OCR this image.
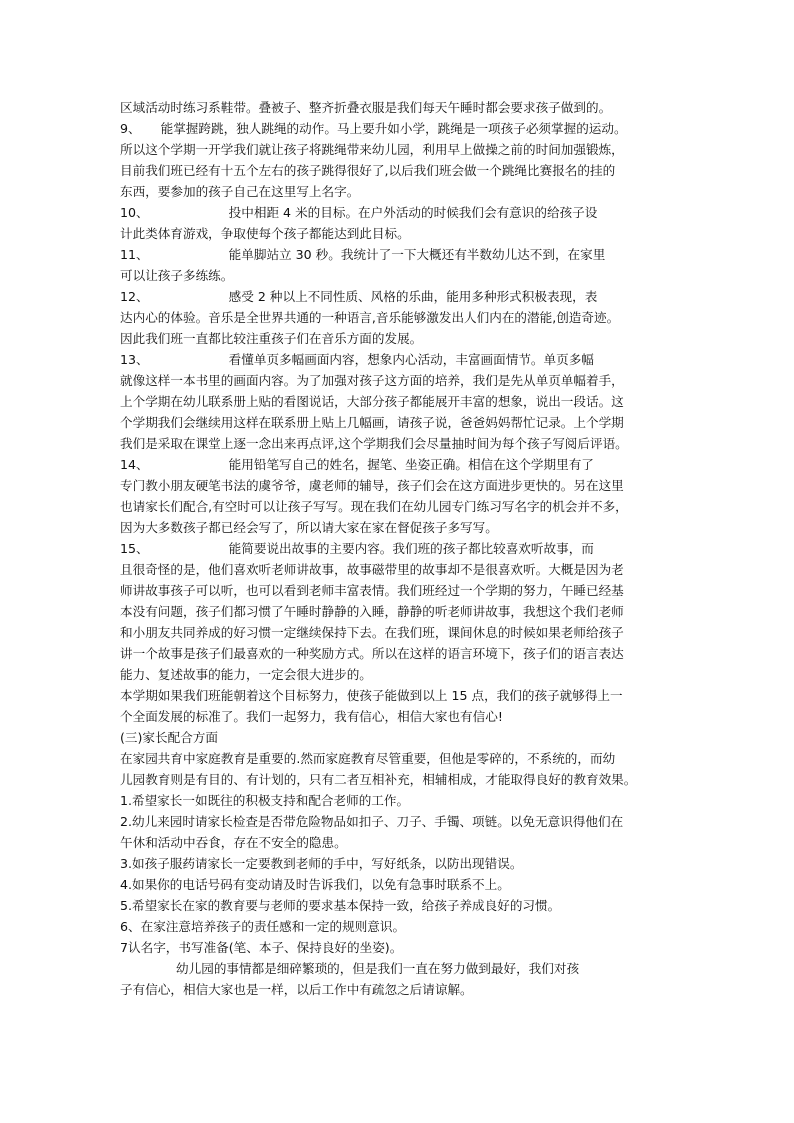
区域活动时练习系鞋带。叠被子、整齐折叠衣服是我们每天午睡时都会要求孩子做到的。
9、     能掌握跨跳，独人跳绳的动作。马上要升如小学，跳绳是一项孩子必须掌握的运动。
所以这个学期一开学我们就让孩子将跳绳带来幼儿园，利用早上做操之前的时间加强锻炼，
目前我们班已经有十五个左右的孩子跳得很好了,以后我们班会做一个跳绳比赛报名的挂的
东西，要参加的孩子自己在这里写上名字。
10、                    投中相距 4 米的目标。在户外活动的时候我们会有意识的给孩子设
计此类体育游戏，争取使每个孩子都能达到此目标。
11、                    能单脚站立 30 秒。我统计了一下大概还有半数幼儿达不到，在家里
可以让孩子多练练。
12、                    感受 2 种以上不同性质、风格的乐曲，能用多种形式积极表现，表
达内心的体验。音乐是全世界共通的一种语言,音乐能够激发出人们内在的潜能,创造奇迹。
因此我们班一直都比较注重孩子们在音乐方面的发展。
13、                    看懂单页多幅画面内容，想象内心活动，丰富画面情节。单页多幅
就像这样一本书里的画面内容。为了加强对孩子这方面的培养，我们是先从单页单幅着手，
上个学期在幼儿联系册上贴的看图说话，大部分孩子都能展开丰富的想象，说出一段话。这
个学期我们会继续用这样在联系册上贴上几幅画，请孩子说，爸爸妈妈帮忙记录。上个学期
我们是采取在课堂上逐一念出来再点评,这个学期我们会尽量抽时间为每个孩子写阅后评语。
14、                    能用铅笔写自己的姓名，握笔、坐姿正确。相信在这个学期里有了
专门教小朋友硬笔书法的虞爷爷，虞老师的辅导，孩子们会在这方面进步更快的。另在这里
也请家长们配合,有空时可以让孩子写写。现在我们在幼儿园专门练习写名字的机会并不多，
因为大多数孩子都已经会写了，所以请大家在家在督促孩子多写写。
15、                    能简要说出故事的主要内容。我们班的孩子都比较喜欢听故事，而
且很奇怪的是，他们喜欢听老师讲故事，故事磁带里的故事却不是很喜欢听。大概是因为老
师讲故事孩子可以听，也可以看到老师丰富表情。我们班经过一个学期的努力，午睡已经基
本没有问题，孩子们都习惯了午睡时静静的入睡，静静的听老师讲故事，我想这个我们老师
和小朋友共同养成的好习惯一定继续保持下去。在我们班，课间休息的时候如果老师给孩子
讲一个故事是孩子们最喜欢的一种奖励方式。所以在这样的语言环境下，孩子们的语言表达
能力、复述故事的能力，一定会很大进步的。
本学期如果我们班能朝着这个目标努力，使孩子能做到以上 15 点，我们的孩子就够得上一
个全面发展的标准了。我们一起努力，我有信心，相信大家也有信心!
(三)家长配合方面
在家园共育中家庭教育是重要的.然而家庭教育尽管重要，但他是零碎的，不系统的，而幼
儿园教育则是有目的、有计划的，只有二者互相补充，相辅相成，才能取得良好的教育效果。
1.希望家长一如既往的积极支持和配合老师的工作。
2.幼儿来园时请家长检查是否带危险物品如扣子、刀子、手镯、项链。以免无意识得他们在
午休和活动中吞食，存在不安全的隐患。
3.如孩子服药请家长一定要教到老师的手中，写好纸条，以防出现错误。
4.如果你的电话号码有变动请及时告诉我们，以免有急事时联系不上。
5.希望家长在家的教育要与老师的要求基本保持一致，给孩子养成良好的习惯。
6、在家注意培养孩子的责任感和一定的规则意识。
7认名字，书写准备(笔、本子、保持良好的坐姿)。
幼儿园的事情都是细碎繁琐的，但是我们一直在努力做到最好，我们对孩
子有信心，相信大家也是一样，以后工作中有疏忽之后请谅解。
